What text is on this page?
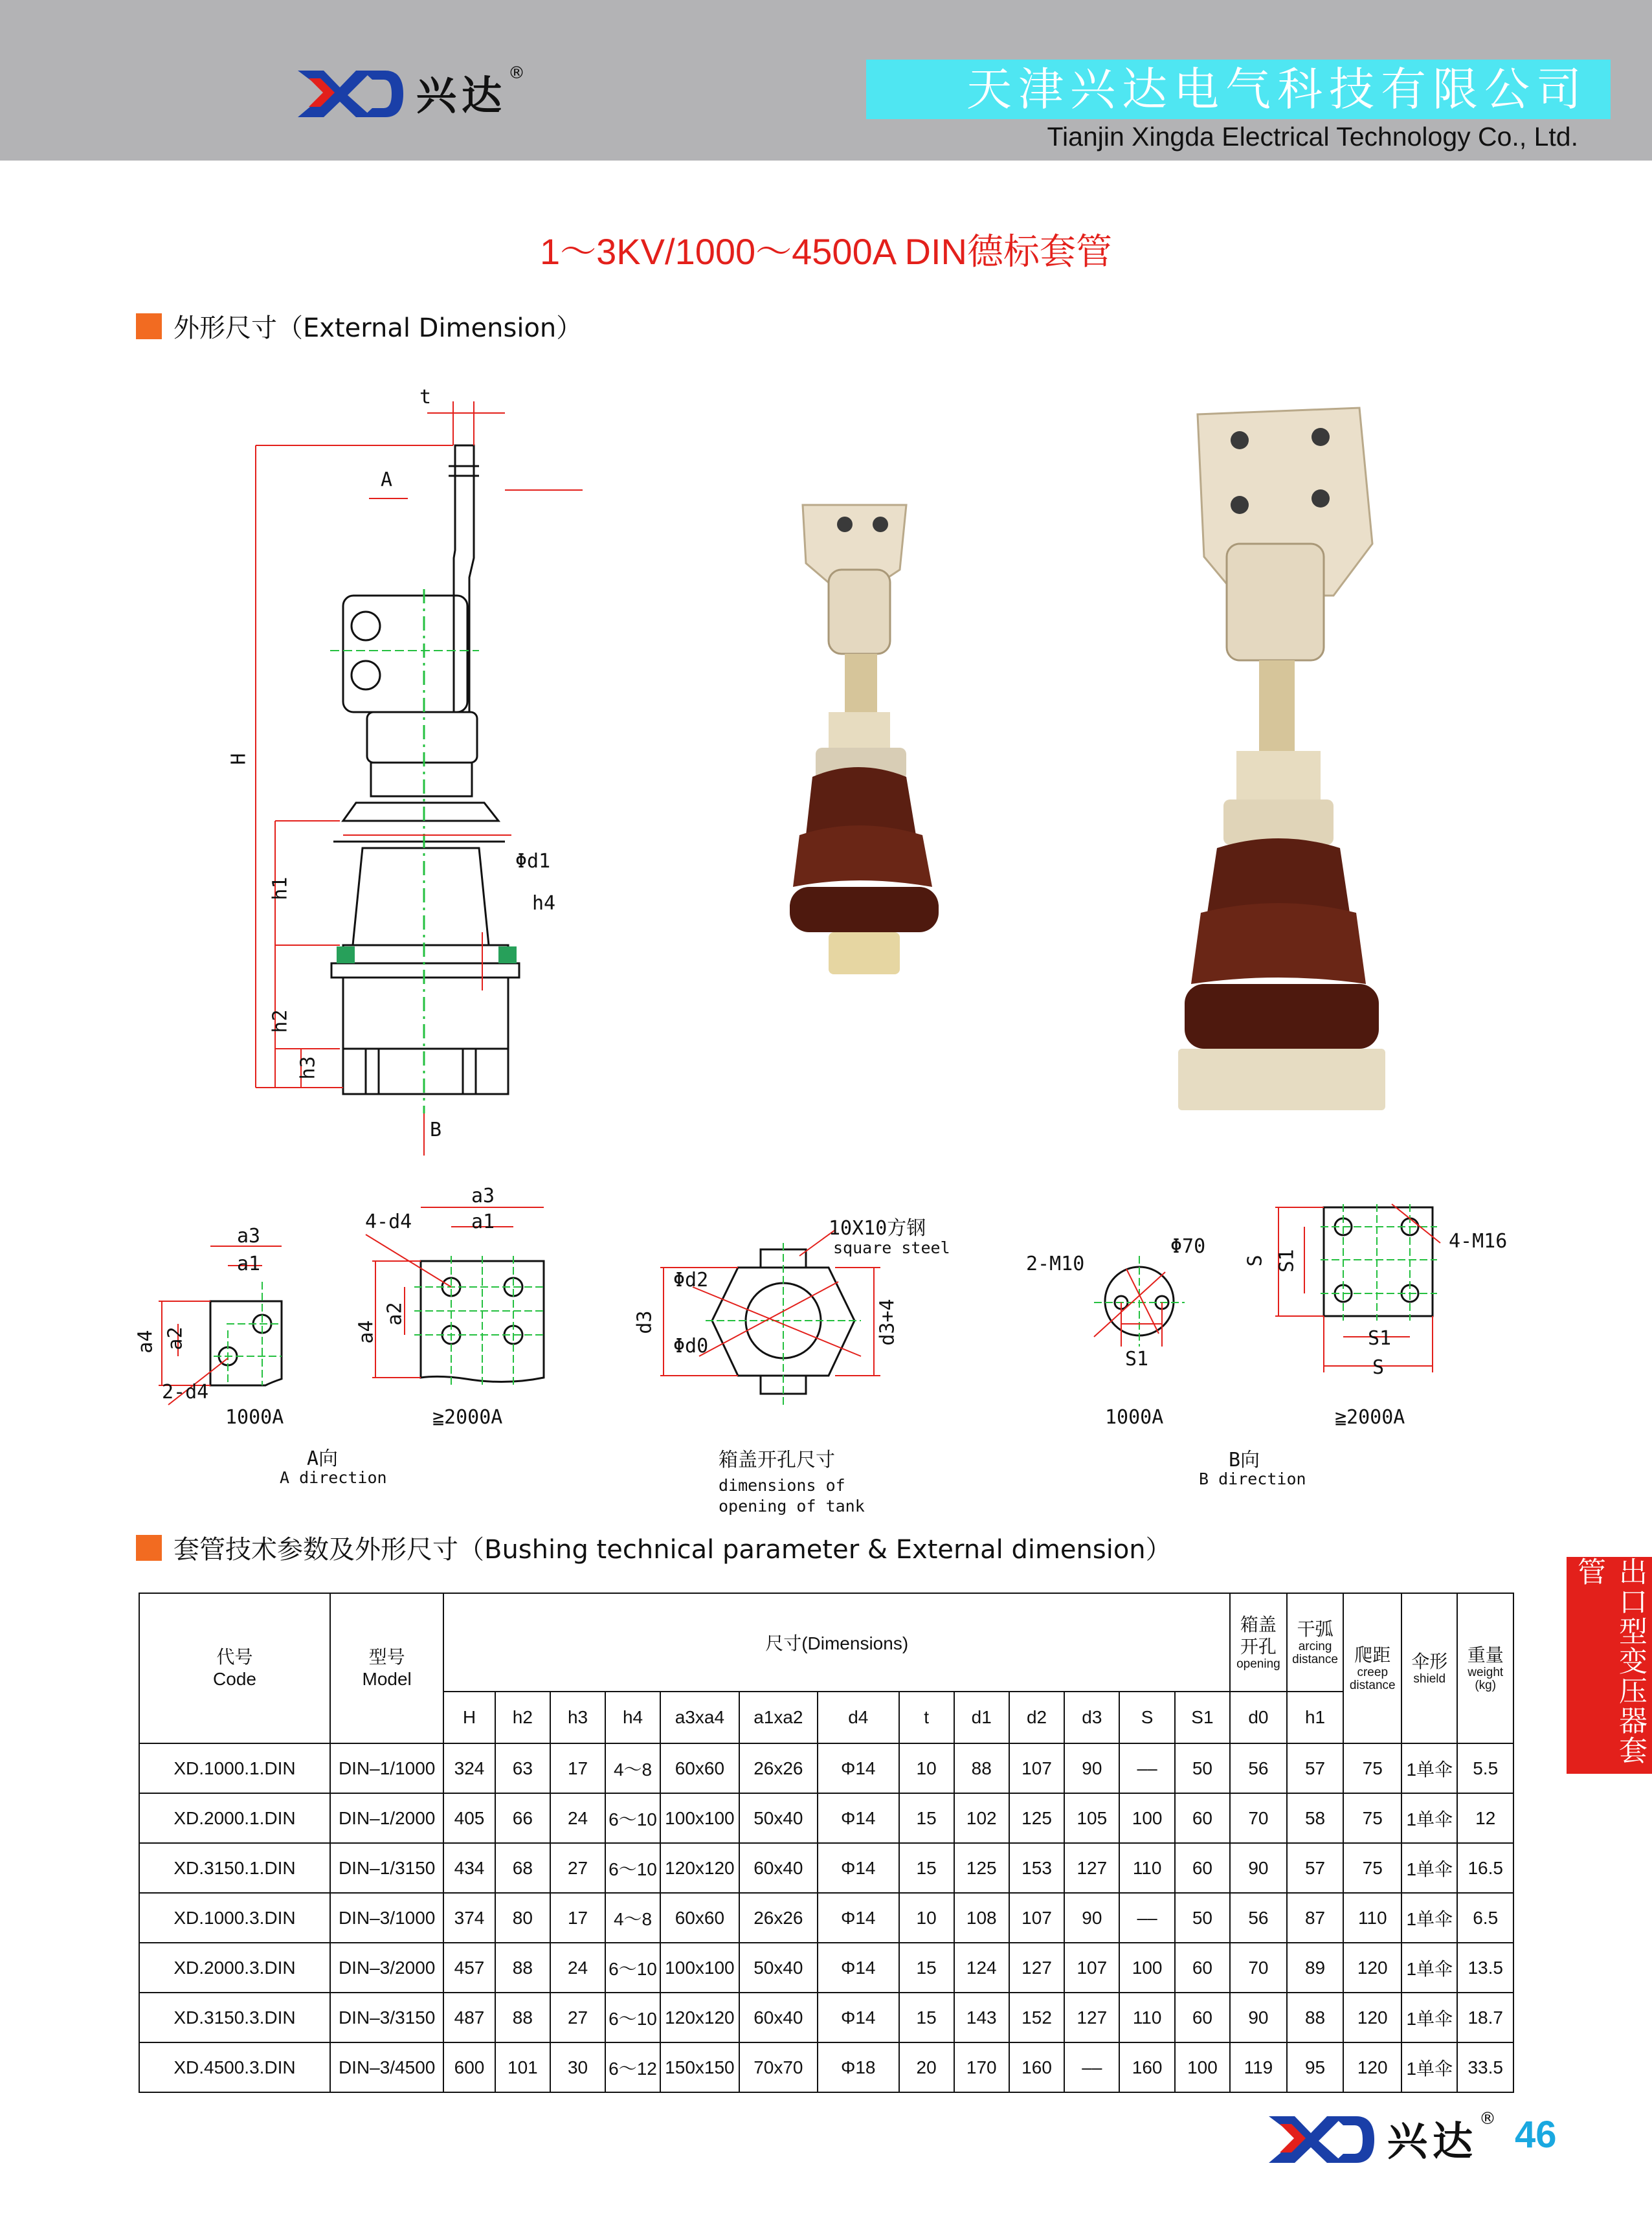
兴达 ®	天津兴达电气科技有限公司
Tianjin Xingda Electrical Technology Co., Ltd.
1～3KV/1000～4500A DIN德标套管
外形尺寸（External Dimension）
t
A
H
h1
h2
h3
h4
Φd1
B
a3
a1
a4 a2
2-d4
1000A
a3
a1
4-d4
a4
a2
≧2000A
A向
A direction
10X10方钢
square steel
Φd2
Φd0
d3	d3+4
箱盖开孔尺寸
dimensions of
opening of tank
2-M10
Φ70
S1
1000A
S S1
4-M16
S1
S
≧2000A
B向
B direction
套管技术参数及外形尺寸（Bushing technical parameter & External dimension）
代号
Code	型号
Model	尺寸(Dimensions)													箱盖
开孔
opening	干弧
arcing
distance	爬距
creep
distance	伞形
shield	重量
weight
(kg)

		H	h2	h3	h4	a3xa4	a1xa2	d4	t	d1	d2	d3	S	S1	d0	h1			
XD.1000.1.DIN	DIN–1/1000	324	63	17	4～8	60x60	26x26	Φ14	10	88	107	90	––	50	56	57	75	1单伞	5.5
XD.2000.1.DIN	DIN–1/2000	405	66	24	6～10	100x100	50x40	Φ14	15	102	125	105	100	60	70	58	75	1单伞	12
XD.3150.1.DIN	DIN–1/3150	434	68	27	6～10	120x120	60x40	Φ14	15	125	153	127	110	60	90	57	75	1单伞	16.5
XD.1000.3.DIN	DIN–3/1000	374	80	17	4～8	60x60	26x26	Φ14	10	108	107	90	––	50	56	87	110	1单伞	6.5
XD.2000.3.DIN	DIN–3/2000	457	88	24	6～10	100x100	50x40	Φ14	15	124	127	107	100	60	70	89	120	1单伞	13.5
XD.3150.3.DIN	DIN–3/3150	487	88	27	6～10	120x120	60x40	Φ14	15	143	152	127	110	60	90	88	120	1单伞	18.7
XD.4500.3.DIN	DIN–3/4500	600	101	30	6～12	150x150	70x70	Φ18	20	170	160	––	160	100	119	95	120	1单伞	33.5
出口型变压器套管
兴达 ® 46
